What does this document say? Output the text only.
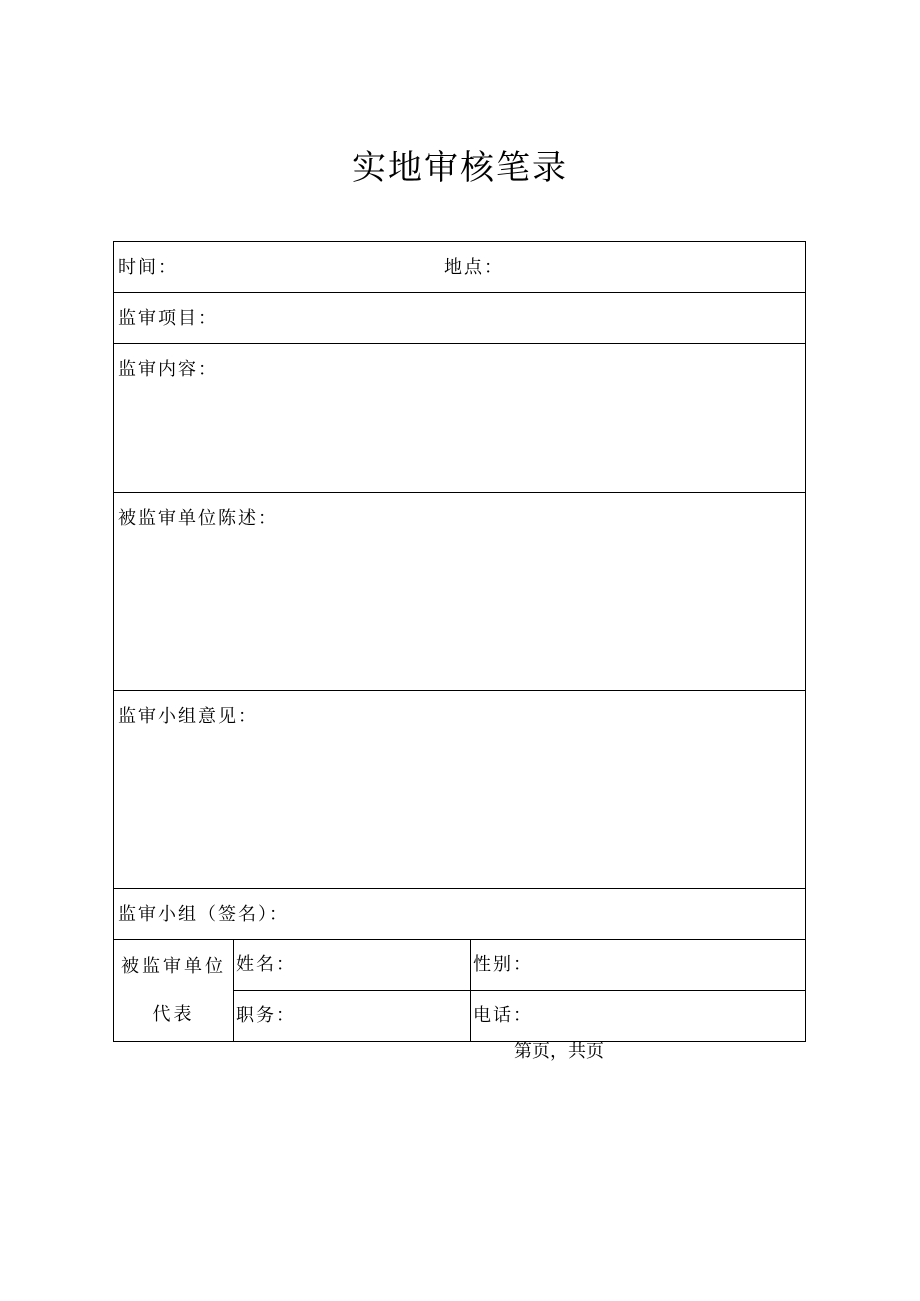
实地审核笔录
时间： 地点：		

监审项目：		

监审内容：		

被监审单位陈述：		

监审小组意见：		

监审小组（签名）：		

被监审单位
代表	姓名：	性别：

	职务：	电话：
第页，共页
